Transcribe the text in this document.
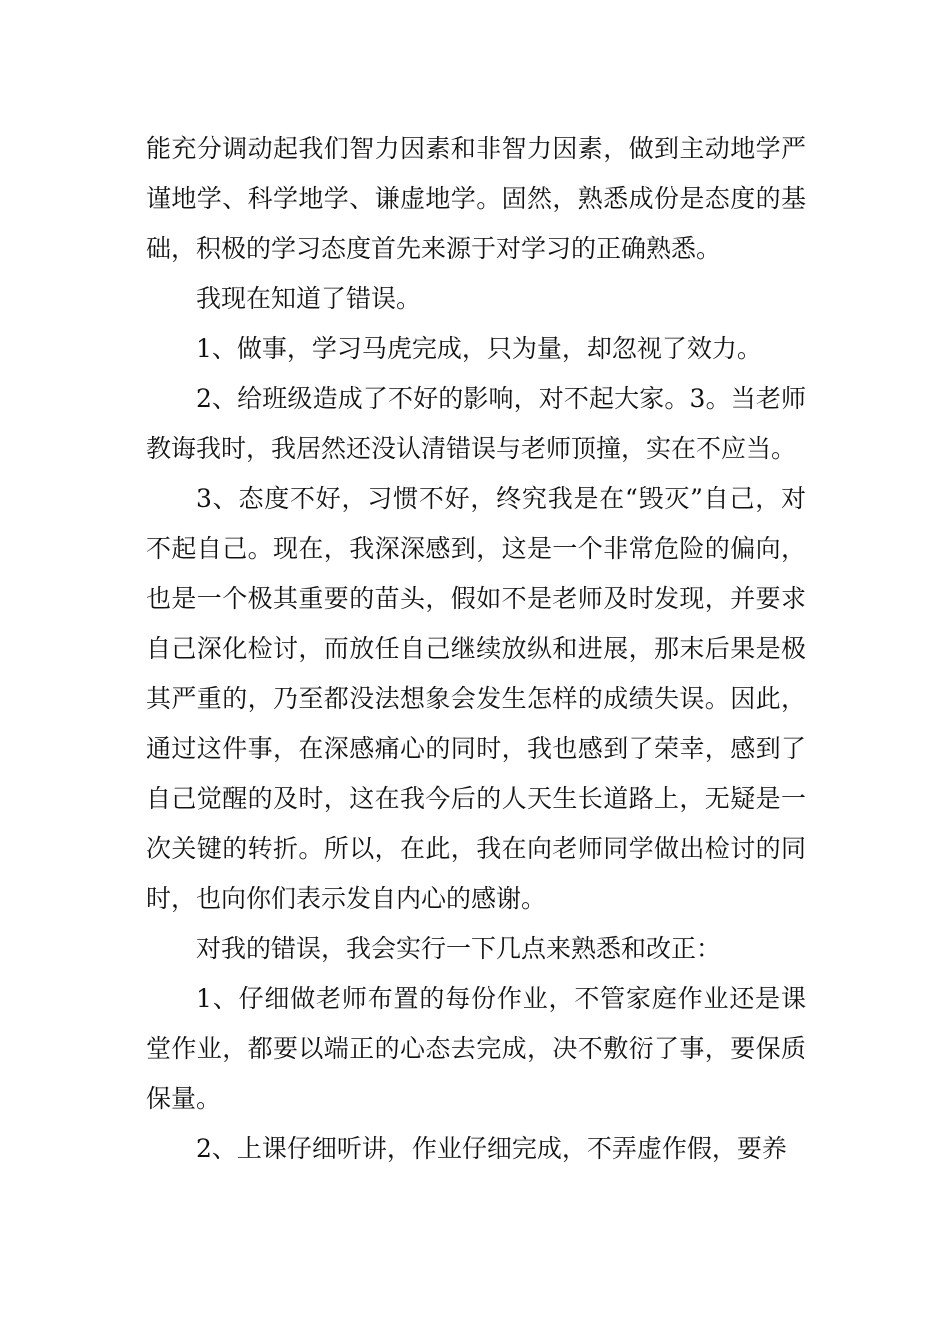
能充分调动起我们智力因素和非智力因素，做到主动地学严谨地学、科学地学、谦虚地学。固然，熟悉成份是态度的基础，积极的学习态度首先来源于对学习的正确熟悉。

我现在知道了错误。

1、做事，学习马虎完成，只为量，却忽视了效力。

2、给班级造成了不好的影响，对不起大家。3。当老师教诲我时，我居然还没认清错误与老师顶撞，实在不应当。

3、态度不好，习惯不好，终究我是在“毁灭”自己，对不起自己。现在，我深深感到，这是一个非常危险的偏向，也是一个极其重要的苗头，假如不是老师及时发现，并要求自己深化检讨，而放任自己继续放纵和进展，那末后果是极其严重的，乃至都没法想象会发生怎样的成绩失误。因此，通过这件事，在深感痛心的同时，我也感到了荣幸，感到了自己觉醒的及时，这在我今后的人天生长道路上，无疑是一次关键的转折。所以，在此，我在向老师同学做出检讨的同时，也向你们表示发自内心的感谢。

对我的错误，我会实行一下几点来熟悉和改正：

1、仔细做老师布置的每份作业，不管家庭作业还是课堂作业，都要以端正的心态去完成，决不敷衍了事，要保质保量。

2、上课仔细听讲，作业仔细完成，不弄虚作假，要养
